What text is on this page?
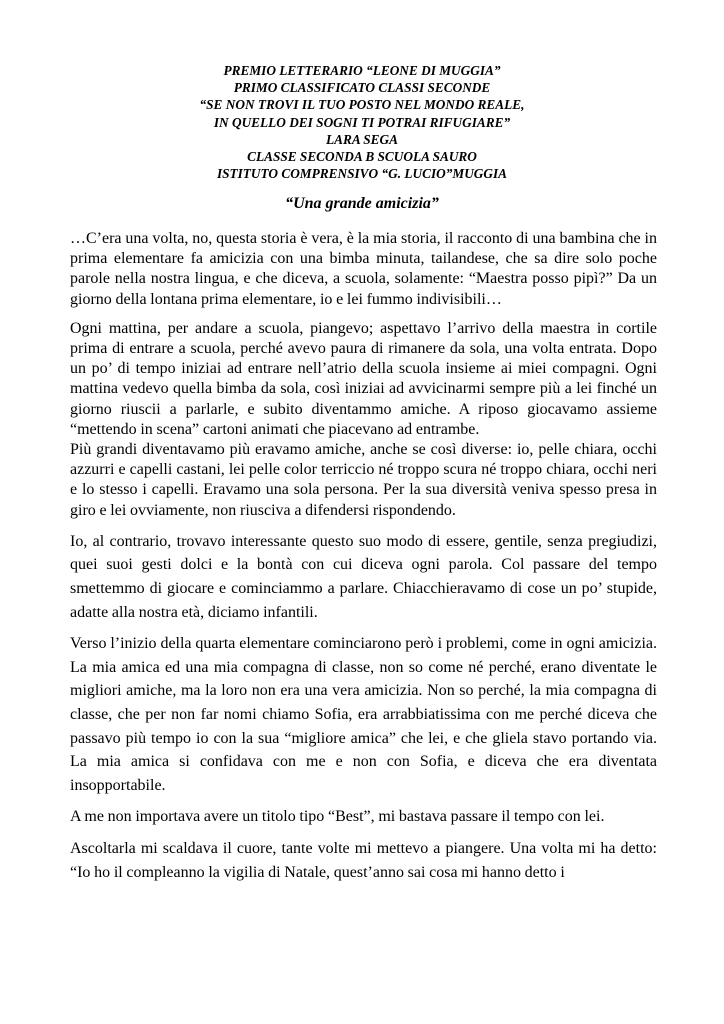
PREMIO LETTERARIO “LEONE DI MUGGIA”
PRIMO CLASSIFICATO CLASSI SECONDE
“SE NON TROVI IL TUO POSTO NEL MONDO REALE,
IN QUELLO DEI SOGNI TI POTRAI RIFUGIARE”
LARA SEGA
CLASSE SECONDA B SCUOLA SAURO
ISTITUTO COMPRENSIVO “G. LUCIO”MUGGIA
“Una grande amicizia”

…C’era una volta, no, questa storia è vera, è la mia storia, il racconto di una bambina che in prima elementare fa amicizia con una bimba minuta, tailandese, che sa dire solo poche parole nella nostra lingua, e che diceva, a scuola, solamente: “Maestra posso pipì?” Da un giorno della lontana prima elementare, io e lei fummo indivisibili…

Ogni mattina, per andare a scuola, piangevo; aspettavo l’arrivo della maestra in cortile prima di entrare a scuola, perché avevo paura di rimanere da sola, una volta entrata. Dopo un po’ di tempo iniziai ad entrare nell’atrio della scuola insieme ai miei compagni. Ogni mattina vedevo quella bimba da sola, così iniziai ad avvicinarmi sempre più a lei finché un giorno riuscii a parlarle, e subito diventammo amiche. A riposo giocavamo assieme “mettendo in scena” cartoni animati che piacevano ad entrambe.

Più grandi diventavamo più eravamo amiche, anche se così diverse: io, pelle chiara, occhi azzurri e capelli castani, lei pelle color terriccio né troppo scura né troppo chiara, occhi neri e lo stesso i capelli. Eravamo una sola persona. Per la sua diversità veniva spesso presa in giro e lei ovviamente, non riusciva a difendersi rispondendo.

Io, al contrario, trovavo interessante questo suo modo di essere, gentile, senza pregiudizi, quei suoi gesti dolci e la bontà con cui diceva ogni parola. Col passare del tempo smettemmo di giocare e cominciammo a parlare. Chiacchieravamo di cose un po’ stupide, adatte alla nostra età, diciamo infantili.

Verso l’inizio della quarta elementare cominciarono però i problemi, come in ogni amicizia. La mia amica ed una mia compagna di classe, non so come né perché, erano diventate le migliori amiche, ma la loro non era una vera amicizia. Non so perché, la mia compagna di classe, che per non far nomi chiamo Sofia, era arrabbiatissima con me perché diceva che passavo più tempo io con la sua “migliore amica” che lei, e che gliela stavo portando via. La mia amica si confidava con me e non con Sofia, e diceva che era diventata insopportabile.

A me non importava avere un titolo tipo “Best”, mi bastava passare il tempo con lei.

Ascoltarla mi scaldava il cuore, tante volte mi mettevo a piangere. Una volta mi ha detto: “Io ho il compleanno la vigilia di Natale, quest’anno sai cosa mi hanno detto i
